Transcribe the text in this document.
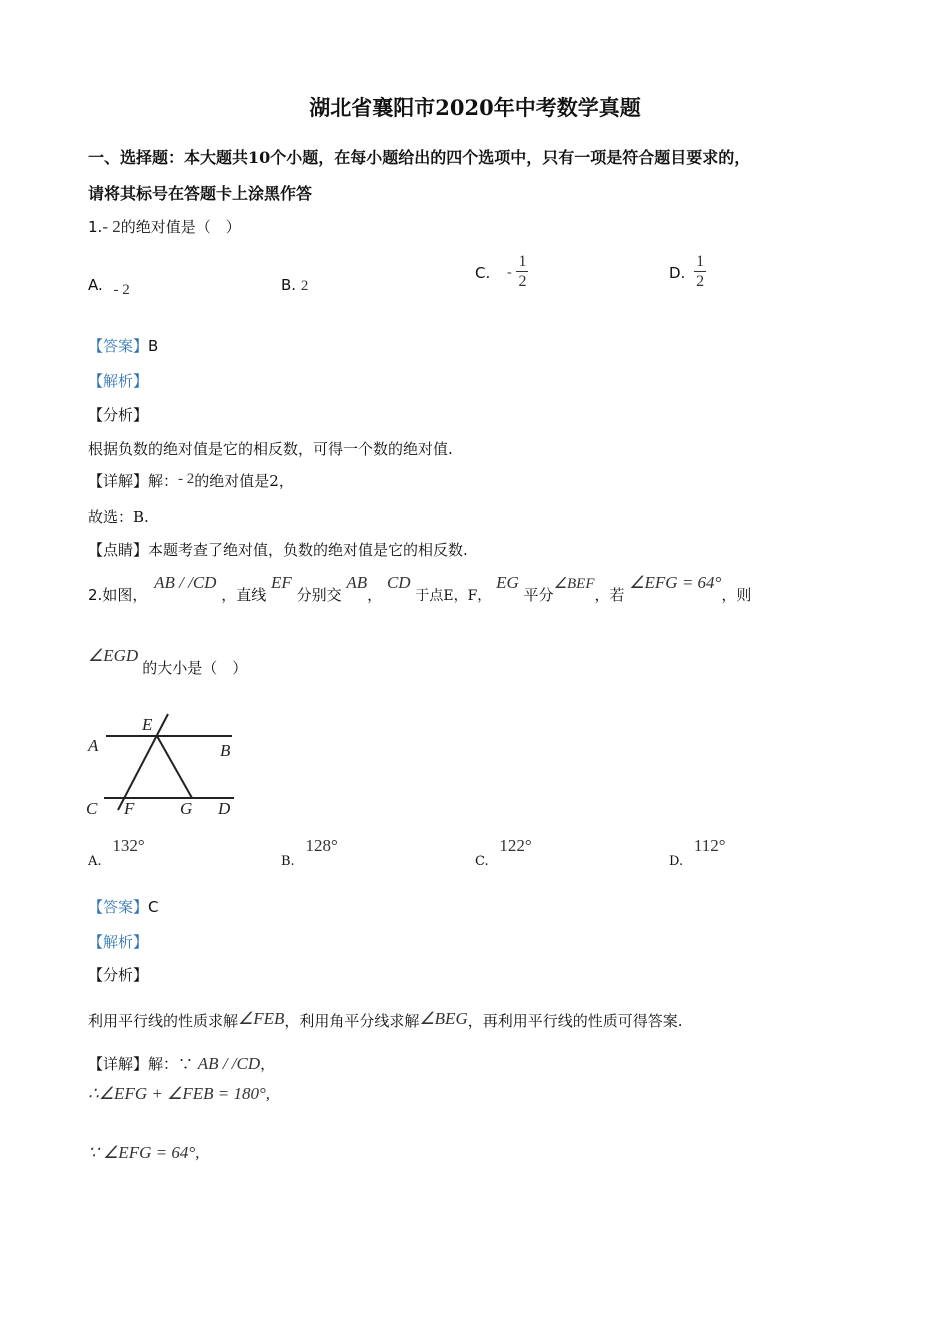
湖北省襄阳市2020年中考数学真题
一、选择题：本大题共10个小题，在每小题给出的四个选项中，只有一项是符合题目要求的，
请将其标号在答题卡上涂黑作答
1.- 2的绝对值是（　）
A. - 2	B. 2
C. - $\frac{1}{2}$	D. $\frac{1}{2}$
【答案】B
【解析】
【分析】
根据负数的绝对值是它的相反数，可得一个数的绝对值.
【详解】解：- 2的绝对值是2，
故选：B.
【点睛】本题考查了绝对值，负数的绝对值是它的相反数.
2.如图， AB / /CD ，直线 EF 分别交 AB， CD 于点E，F， EG 平分∠BEF，若 ∠EFG = 64°，则
∠EGD的大小是（　）
A	B
C	D
E
F	G
A. 132°
B. 128°
C. 122°
D. 112°
【答案】C
【解析】
【分析】
利用平行线的性质求解∠FEB，利用角平分线求解∠BEG，再利用平行线的性质可得答案.
【详解】解：∵ AB / /CD，
∴∠EFG + ∠FEB = 180°,
∵ ∠EFG = 64°,
